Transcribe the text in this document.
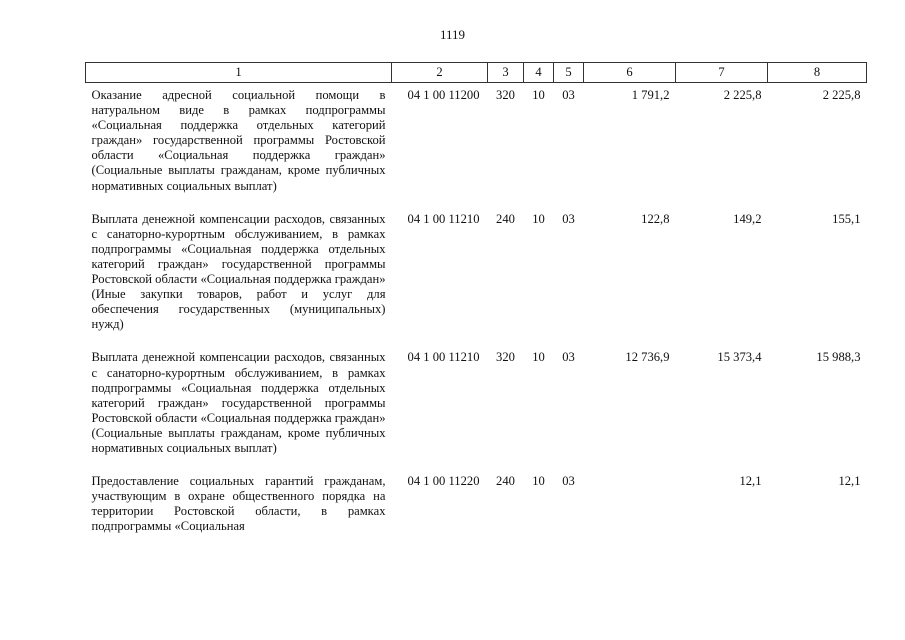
1119
1	2	3	4	5	6	7	8
Оказание адресной социальной помощи в натуральном виде в рамках подпрограммы «Социальная поддержка отдельных категорий граждан» государственной программы Ростовской области «Социальная поддержка граждан» (Социальные выплаты гражданам, кроме публичных нормативных социальных выплат)	04 1 00 11200	320	10	03	1 791,2	2 225,8	2 225,8
Выплата денежной компенсации расходов, связанных с санаторно-курортным обслуживанием, в рамках подпрограммы «Социальная поддержка отдельных категорий граждан» государственной программы Ростовской области «Социальная поддержка граждан» (Иные закупки товаров, работ и услуг для обеспечения государственных (муниципальных) нужд)	04 1 00 11210	240	10	03	122,8	149,2	155,1
Выплата денежной компенсации расходов, связанных с санаторно-курортным обслуживанием, в рамках подпрограммы «Социальная поддержка отдельных категорий граждан» государственной программы Ростовской области «Социальная поддержка граждан» (Социальные выплаты гражданам, кроме публичных нормативных социальных выплат)	04 1 00 11210	320	10	03	12 736,9	15 373,4	15 988,3
Предоставление социальных гарантий гражданам, участвующим в охране общественного порядка на территории Ростовской области, в рамках подпрограммы «Социальная	04 1 00 11220	240	10	03		12,1	12,1
